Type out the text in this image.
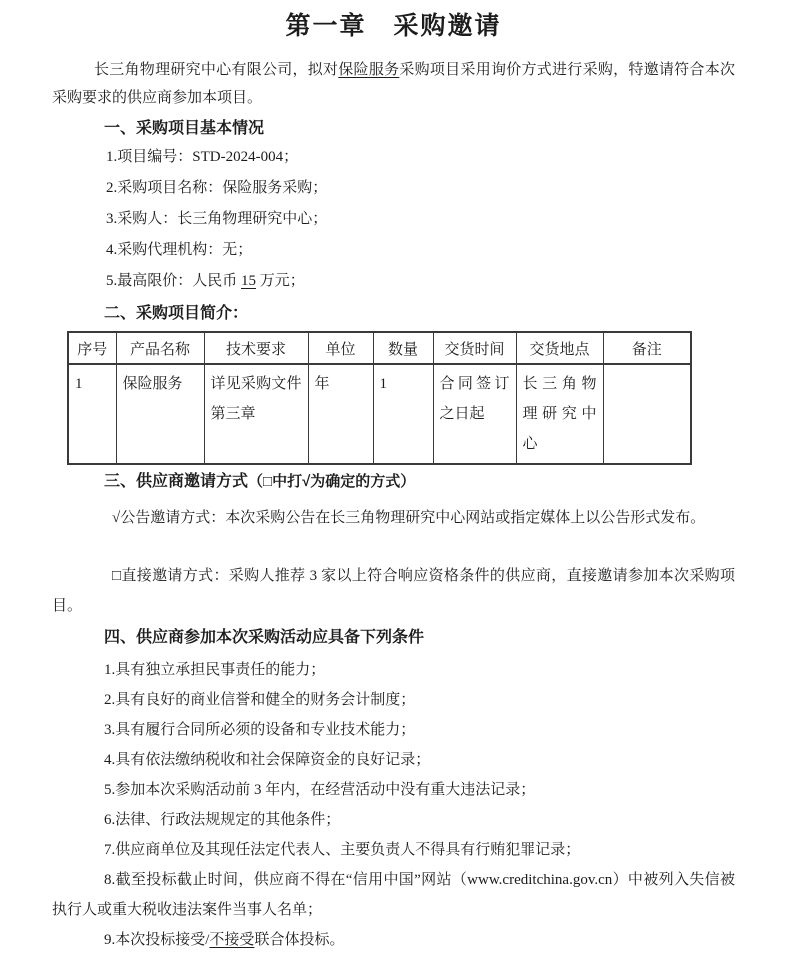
第一章　采购邀请

长三角物理研究中心有限公司，拟对保险服务采购项目采用询价方式进行采购，特邀请符合本次采购要求的供应商参加本项目。

一、采购项目基本情况
1.项目编号：STD-2024-004；
2.采购项目名称：保险服务采购；
3.采购人：长三角物理研究中心；
4.采购代理机构：无；
5.最高限价：人民币 15 万元；
二、采购项目简介：
序号	产品名称	技术要求	单位	数量	交货时间	交货地点	备注
1	保险服务	详见采购文件第三章	年	1	合同签订之日起	长三角物理研究中心	
三、供应商邀请方式（□中打√为确定的方式）

√公告邀请方式：本次采购公告在长三角物理研究中心网站或指定媒体上以公告形式发布。

□直接邀请方式：采购人推荐 3 家以上符合响应资格条件的供应商，直接邀请参加本次采购项目。

四、供应商参加本次采购活动应具备下列条件
1.具有独立承担民事责任的能力；
2.具有良好的商业信誉和健全的财务会计制度；
3.具有履行合同所必须的设备和专业技术能力；
4.具有依法缴纳税收和社会保障资金的良好记录；
5.参加本次采购活动前 3 年内，在经营活动中没有重大违法记录；
6.法律、行政法规规定的其他条件；
7.供应商单位及其现任法定代表人、主要负责人不得具有行贿犯罪记录；

8.截至投标截止时间，供应商不得在“信用中国”网站（www.creditchina.gov.cn）中被列入失信被执行人或重大税收违法案件当事人名单；

9.本次投标接受/不接受联合体投标。
